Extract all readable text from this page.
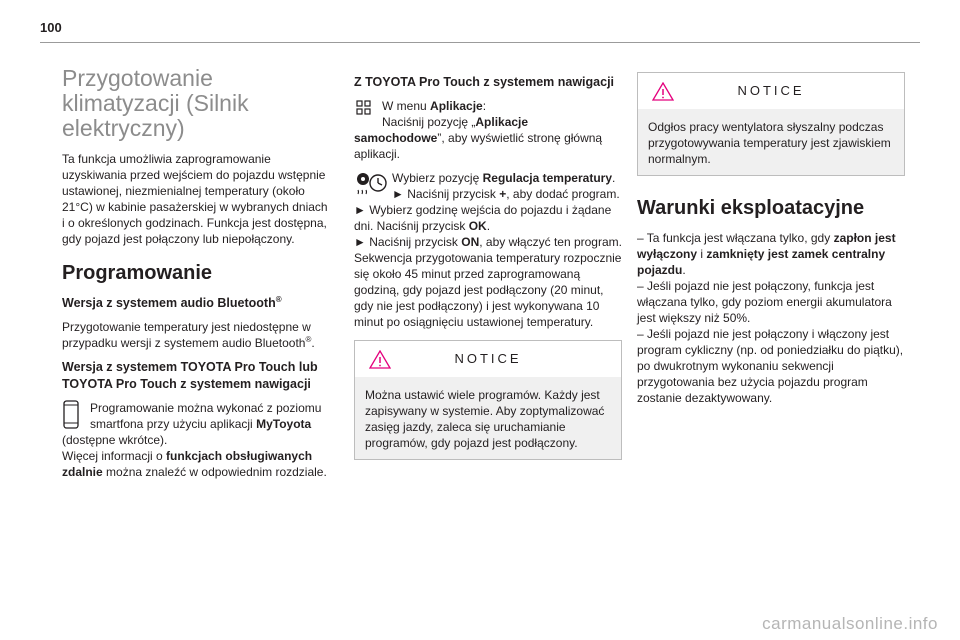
100
Przygotowanie klimatyzacji (Silnik elektryczny)

Ta funkcja umożliwia zaprogramowanie uzyskiwania przed wejściem do pojazdu wstępnie ustawionej, niezmienialnej temperatury (około 21°C) w kabinie pasażerskiej w wybranych dniach i o określonych godzinach. Funkcja jest dostępna, gdy pojazd jest połączony lub niepołączony.

Programowanie
Wersja z systemem audio Bluetooth®

Przygotowanie temperatury jest niedostępne w przypadku wersji z systemem audio Bluetooth®.

Wersja z systemem TOYOTA Pro Touch lub TOYOTA Pro Touch z systemem nawigacji

Programowanie można wykonać z poziomu smartfona przy użyciu aplikacji MyToyota (dostępne wkrótce).
Więcej informacji o funkcjach obsługiwanych zdalnie można znaleźć w odpowiednim rozdziale.

Z TOYOTA Pro Touch z systemem nawigacji

W menu Aplikacje:
Naciśnij pozycję „Aplikacje samochodowe”, aby wyświetlić stronę główną aplikacji.

Wybierz pozycję Regulacja temperatury.
► Naciśnij przycisk +, aby dodać program.
► Wybierz godzinę wejścia do pojazdu i żądane dni. Naciśnij przycisk OK.
► Naciśnij przycisk ON, aby włączyć ten program.
Sekwencja przygotowania temperatury rozpocznie się około 45 minut przed zaprogramowaną godziną, gdy pojazd jest podłączony (20 minut, gdy nie jest podłączony) i jest wykonywana 10 minut po osiągnięciu ustawionej temperatury.

NOTICE
Można ustawić wiele programów. Każdy jest zapisywany w systemie. Aby zoptymalizować zasięg jazdy, zaleca się uruchamianie programów, gdy pojazd jest podłączony.
NOTICE
Odgłos pracy wentylatora słyszalny podczas przygotowywania temperatury jest zjawiskiem normalnym.
Warunki eksploatacyjne

– Ta funkcja jest włączana tylko, gdy zapłon jest wyłączony i zamknięty jest zamek centralny pojazdu.
– Jeśli pojazd nie jest połączony, funkcja jest włączana tylko, gdy poziom energii akumulatora jest większy niż 50%.
– Jeśli pojazd nie jest połączony i włączony jest program cykliczny (np. od poniedziałku do piątku), po dwukrotnym wykonaniu sekwencji przygotowania bez użycia pojazdu program zostanie dezaktywowany.

carmanualsonline.info
